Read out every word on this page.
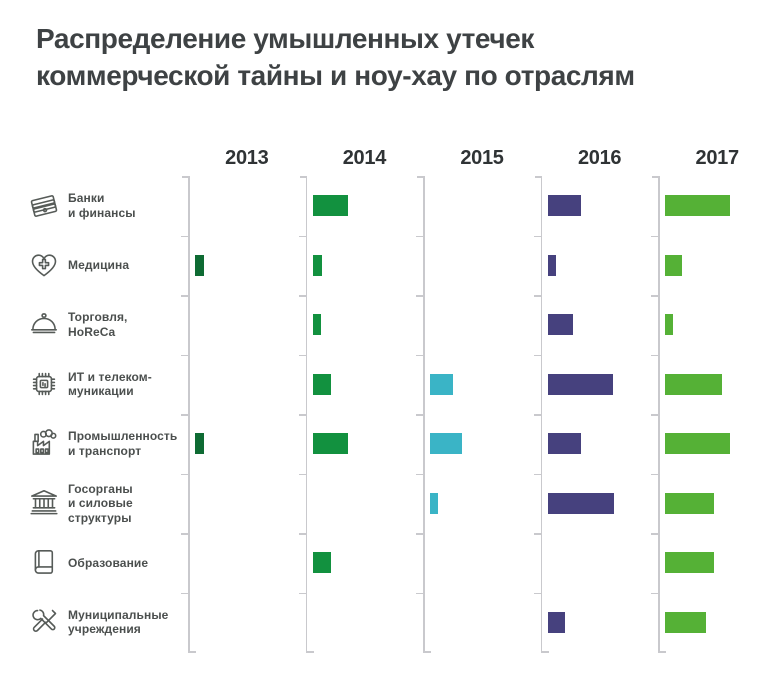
Распределение умышленных утечек
коммерческой тайны и ноу-хау по отраслям
2013	2014	2015	2016	2017
Банки
и финансы
Медицина
Торговля,
HoReCa
ИТ и телеком-
муникации
Промышленность
и транспорт
Госорганы
и силовые
структуры
Образование
Муниципальные
учреждения
